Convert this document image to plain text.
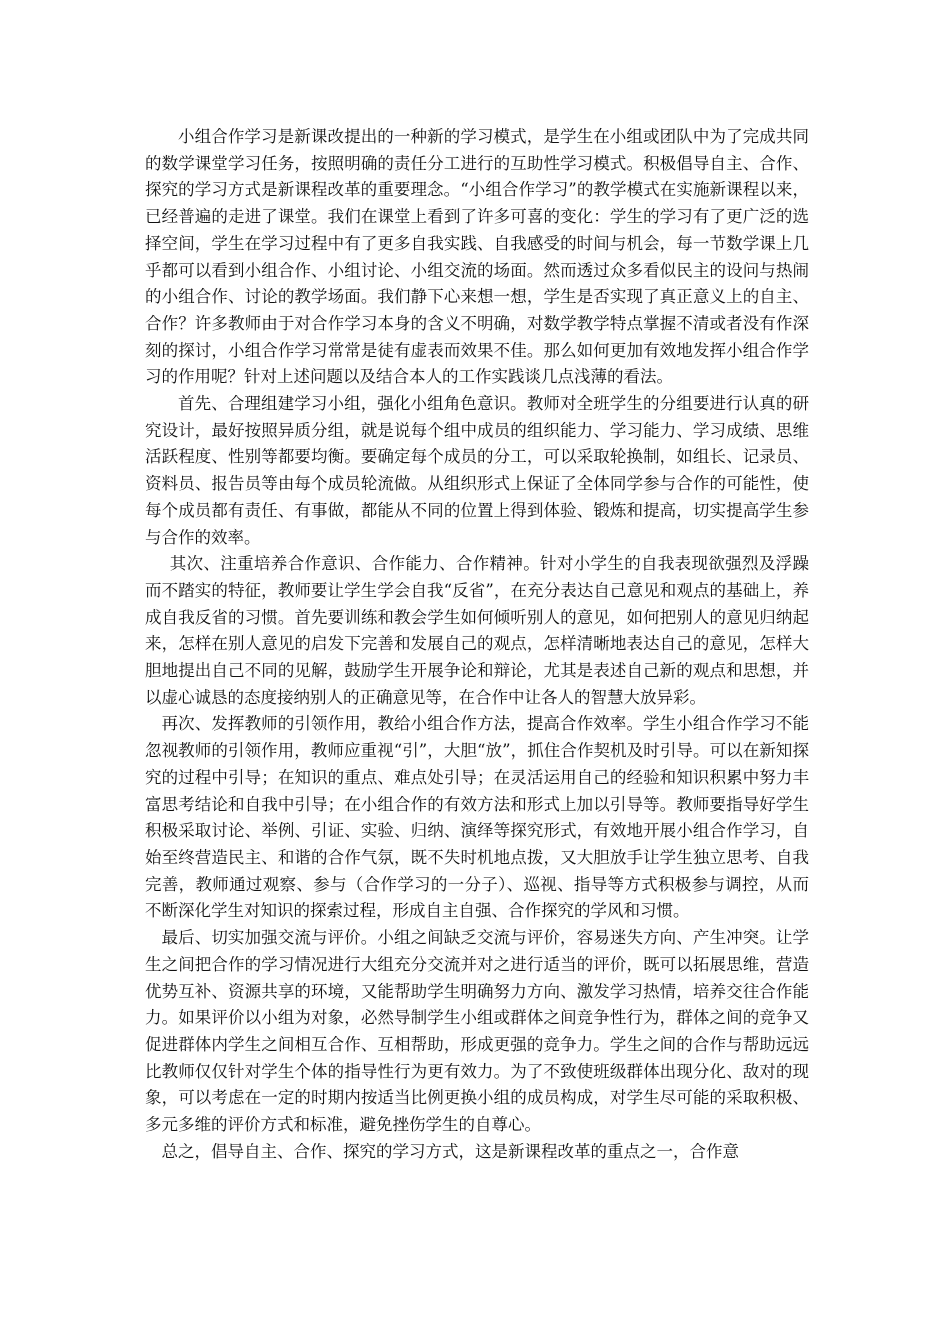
小组合作学习是新课改提出的一种新的学习模式，是学生在小组或团队中为了完成共同的数学课堂学习任务，按照明确的责任分工进行的互助性学习模式。积极倡导自主、合作、探究的学习方式是新课程改革的重要理念。“小组合作学习”的教学模式在实施新课程以来，已经普遍的走进了课堂。我们在课堂上看到了许多可喜的变化：学生的学习有了更广泛的选择空间，学生在学习过程中有了更多自我实践、自我感受的时间与机会，每一节数学课上几乎都可以看到小组合作、小组讨论、小组交流的场面。然而透过众多看似民主的设问与热闹的小组合作、讨论的教学场面。我们静下心来想一想，学生是否实现了真正意义上的自主、合作？许多教师由于对合作学习本身的含义不明确，对数学教学特点掌握不清或者没有作深刻的探讨，小组合作学习常常是徒有虚表而效果不佳。那么如何更加有效地发挥小组合作学习的作用呢？针对上述问题以及结合本人的工作实践谈几点浅薄的看法。

首先、合理组建学习小组，强化小组角色意识。教师对全班学生的分组要进行认真的研究设计，最好按照异质分组，就是说每个组中成员的组织能力、学习能力、学习成绩、思维活跃程度、性别等都要均衡。要确定每个成员的分工，可以采取轮换制，如组长、记录员、资料员、报告员等由每个成员轮流做。从组织形式上保证了全体同学参与合作的可能性，使每个成员都有责任、有事做，都能从不同的位置上得到体验、锻炼和提高，切实提高学生参与合作的效率。

其次、注重培养合作意识、合作能力、合作精神。针对小学生的自我表现欲强烈及浮躁而不踏实的特征，教师要让学生学会自我“反省”，在充分表达自己意见和观点的基础上，养成自我反省的习惯。首先要训练和教会学生如何倾听别人的意见，如何把别人的意见归纳起来，怎样在别人意见的启发下完善和发展自己的观点，怎样清晰地表达自己的意见，怎样大胆地提出自己不同的见解，鼓励学生开展争论和辩论，尤其是表述自己新的观点和思想，并以虚心诚恳的态度接纳别人的正确意见等，在合作中让各人的智慧大放异彩。

再次、发挥教师的引领作用，教给小组合作方法，提高合作效率。学生小组合作学习不能忽视教师的引领作用，教师应重视“引”，大胆“放”，抓住合作契机及时引导。可以在新知探究的过程中引导；在知识的重点、难点处引导；在灵活运用自己的经验和知识积累中努力丰富思考结论和自我中引导；在小组合作的有效方法和形式上加以引导等。教师要指导好学生积极采取讨论、举例、引证、实验、归纳、演绎等探究形式，有效地开展小组合作学习，自始至终营造民主、和谐的合作气氛，既不失时机地点拨，又大胆放手让学生独立思考、自我完善，教师通过观察、参与（合作学习的一分子）、巡视、指导等方式积极参与调控，从而不断深化学生对知识的探索过程，形成自主自强、合作探究的学风和习惯。

最后、切实加强交流与评价。小组之间缺乏交流与评价，容易迷失方向、产生冲突。让学生之间把合作的学习情况进行大组充分交流并对之进行适当的评价，既可以拓展思维，营造优势互补、资源共享的环境，又能帮助学生明确努力方向、激发学习热情，培养交往合作能力。如果评价以小组为对象，必然导制学生小组或群体之间竞争性行为，群体之间的竞争又促进群体内学生之间相互合作、互相帮助，形成更强的竞争力。学生之间的合作与帮助远远比教师仅仅针对学生个体的指导性行为更有效力。为了不致使班级群体出现分化、敌对的现象，可以考虑在一定的时期内按适当比例更换小组的成员构成，对学生尽可能的采取积极、多元多维的评价方式和标准，避免挫伤学生的自尊心。

总之，倡导自主、合作、探究的学习方式，这是新课程改革的重点之一，合作意
